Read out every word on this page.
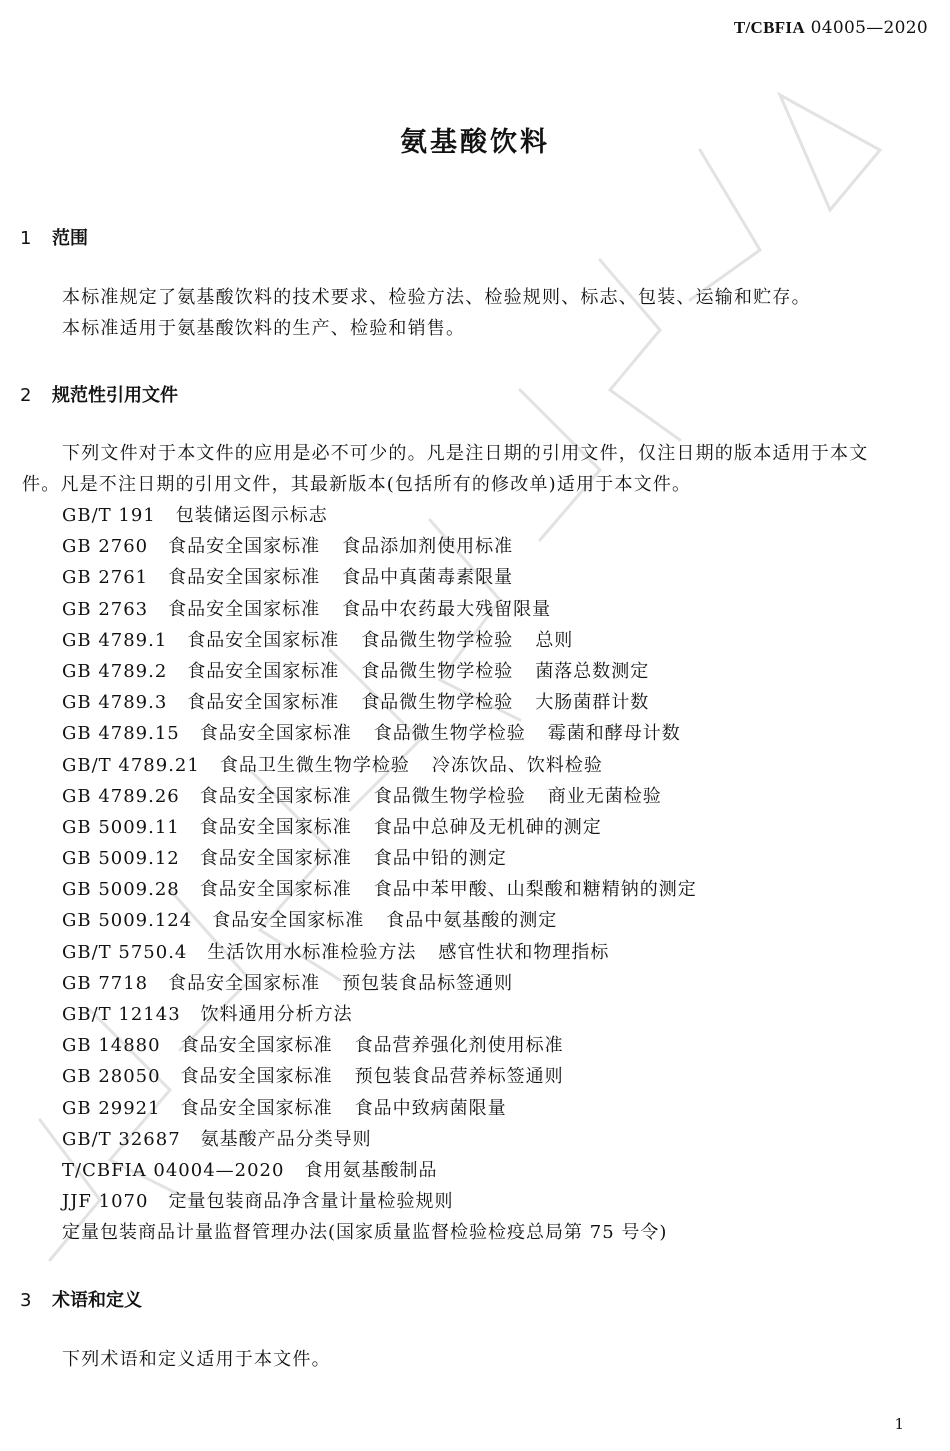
T/CBFIA 04005—2020
氨基酸饮料
1 范围
本标准规定了氨基酸饮料的技术要求、检验方法、检验规则、标志、包装、运输和贮存。
本标准适用于氨基酸饮料的生产、检验和销售。
2 规范性引用文件
下列文件对于本文件的应用是必不可少的。凡是注日期的引用文件，仅注日期的版本适用于本文
件。凡是不注日期的引用文件，其最新版本(包括所有的修改单)适用于本文件。
GB/T 191 包装储运图示标志
GB 2760 食品安全国家标准 食品添加剂使用标准
GB 2761 食品安全国家标准 食品中真菌毒素限量
GB 2763 食品安全国家标准 食品中农药最大残留限量
GB 4789.1 食品安全国家标准 食品微生物学检验 总则
GB 4789.2 食品安全国家标准 食品微生物学检验 菌落总数测定
GB 4789.3 食品安全国家标准 食品微生物学检验 大肠菌群计数
GB 4789.15 食品安全国家标准 食品微生物学检验 霉菌和酵母计数
GB/T 4789.21 食品卫生微生物学检验 冷冻饮品、饮料检验
GB 4789.26 食品安全国家标准 食品微生物学检验 商业无菌检验
GB 5009.11 食品安全国家标准 食品中总砷及无机砷的测定
GB 5009.12 食品安全国家标准 食品中铅的测定
GB 5009.28 食品安全国家标准 食品中苯甲酸、山梨酸和糖精钠的测定
GB 5009.124 食品安全国家标准 食品中氨基酸的测定
GB/T 5750.4 生活饮用水标准检验方法 感官性状和物理指标
GB 7718 食品安全国家标准 预包装食品标签通则
GB/T 12143 饮料通用分析方法
GB 14880 食品安全国家标准 食品营养强化剂使用标准
GB 28050 食品安全国家标准 预包装食品营养标签通则
GB 29921 食品安全国家标准 食品中致病菌限量
GB/T 32687 氨基酸产品分类导则
T/CBFIA 04004—2020 食用氨基酸制品
JJF 1070 定量包装商品净含量计量检验规则
定量包装商品计量监督管理办法(国家质量监督检验检疫总局第 75 号令)
3 术语和定义
下列术语和定义适用于本文件。
1
